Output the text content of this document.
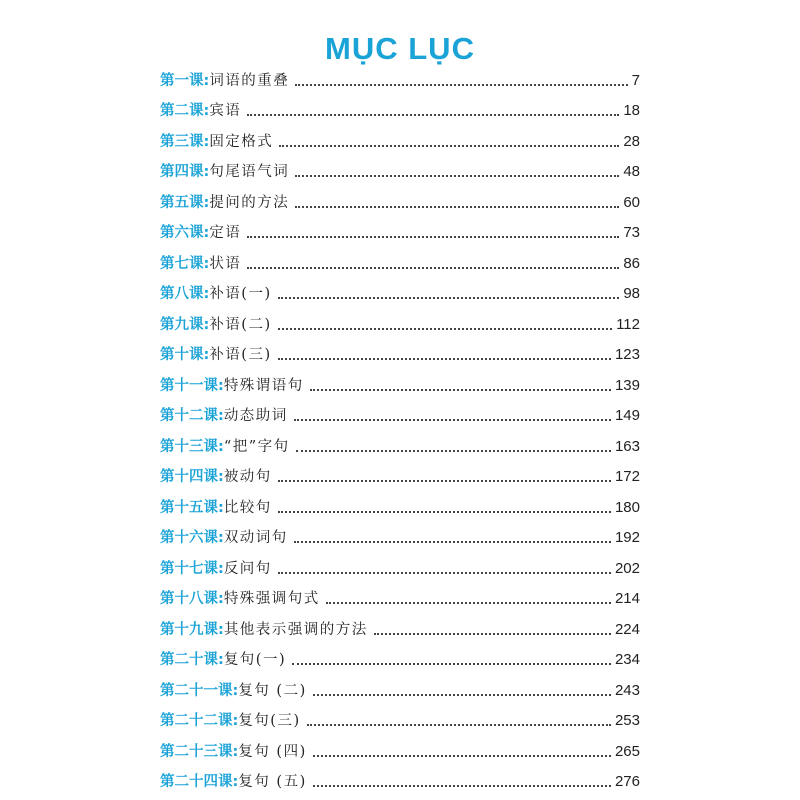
MỤC LỤC
第一课: 词语的重叠	7
第二课: 宾语	18
第三课: 固定格式	28
第四课: 句尾语气词	48
第五课: 提问的方法	60
第六课: 定语	73
第七课: 状语	86
第八课: 补语(一)	98
第九课: 补语(二)	112
第十课: 补语(三)	123
第十一课: 特殊谓语句	139
第十二课: 动态助词	149
第十三课: “把”字句	163
第十四课: 被动句	172
第十五课: 比较句	180
第十六课: 双动词句	192
第十七课: 反问句	202
第十八课: 特殊强调句式	214
第十九课: 其他表示强调的方法	224
第二十课: 复句(一)	234
第二十一课: 复句 (二)	243
第二十二课: 复句(三)	253
第二十三课: 复句 (四)	265
第二十四课: 复句 (五)	276
